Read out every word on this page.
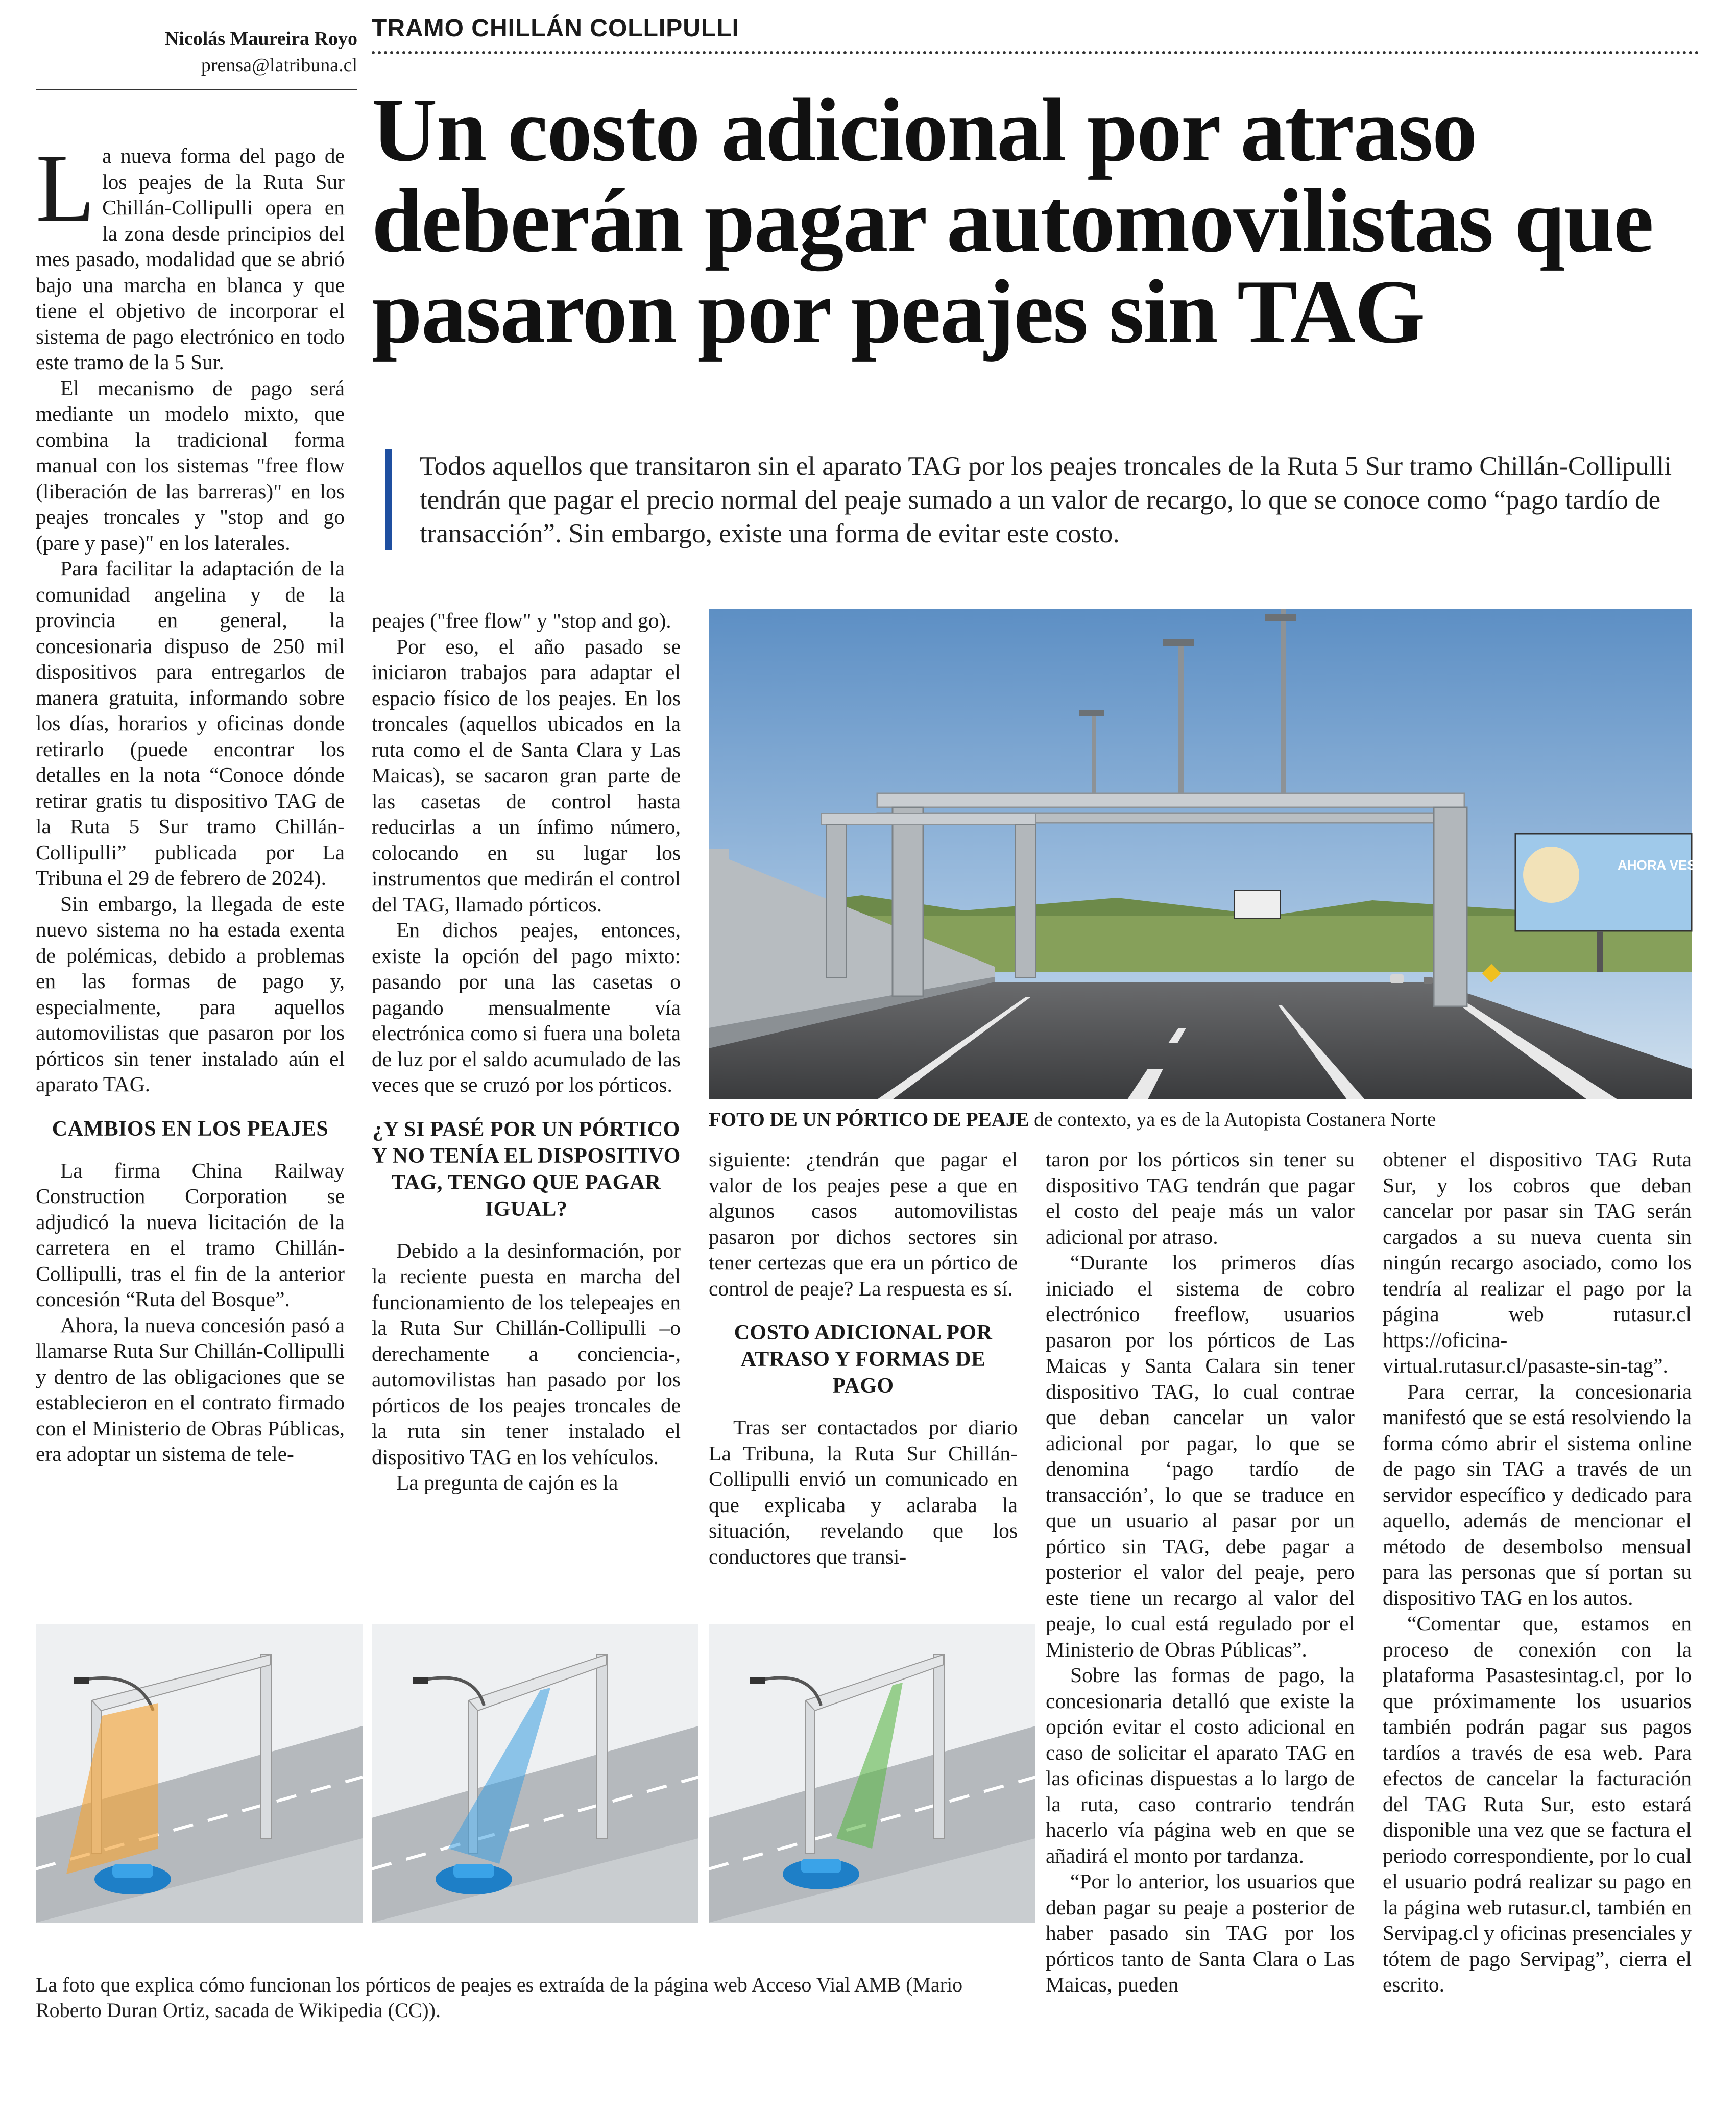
Nicolás Maureira Royo
prensa@latribuna.cl
TRAMO CHILLÁN COLLIPULLI
Un costo adicional por atraso deberán pagar automovilistas que pasaron por peajes sin TAG
Todos aquellos que transitaron sin el aparato TAG por los peajes troncales de la Ruta 5 Sur tramo Chillán-Collipulli tendrán que pagar el precio normal del peaje sumado a un valor de recargo, lo que se conoce como “pago tardío de transacción”. Sin embargo, existe una forma de evitar este costo.

La nueva forma del pago de los peajes de la Ruta Sur Chillán-Collipulli opera en la zona desde principios del mes pasado, modalidad que se abrió bajo una marcha en blanca y que tiene el objetivo de incorporar el sistema de pago electrónico en todo este tramo de la 5 Sur.

El mecanismo de pago será mediante un modelo mixto, que combina la tradicional forma manual con los sistemas "free flow (liberación de las barreras)" en los peajes troncales y "stop and go (pare y pase)" en los laterales.

Para facilitar la adaptación de la comunidad angelina y de la provincia en general, la concesionaria dispuso de 250 mil dispositivos para entregarlos de manera gratuita, informando sobre los días, horarios y oficinas donde retirarlo (puede encontrar los detalles en la nota “Conoce dónde retirar gratis tu dispositivo TAG de la Ruta 5 Sur tramo Chillán-Collipulli” publicada por La Tribuna el 29 de febrero de 2024).

Sin embargo, la llegada de este nuevo sistema no ha estada exenta de polémicas, debido a problemas en las formas de pago y, especialmente, para aquellos automovilistas que pasaron por los pórticos sin tener instalado aún el aparato TAG.

CAMBIOS EN LOS PEAJES

La firma China Railway Construction Corporation se adjudicó la nueva licitación de la carretera en el tramo Chillán-Collipulli, tras el fin de la anterior concesión “Ruta del Bosque”.

Ahora, la nueva concesión pasó a llamarse Ruta Sur Chillán-Collipulli y dentro de las obligaciones que se establecieron en el contrato firmado con el Ministerio de Obras Públicas, era adoptar un sistema de tele-

peajes ("free flow" y "stop and go).

Por eso, el año pasado se iniciaron trabajos para adaptar el espacio físico de los peajes. En los troncales (aquellos ubicados en la ruta como el de Santa Clara y Las Maicas), se sacaron gran parte de las casetas de control hasta reducirlas a un ínfimo número, colocando en su lugar los instrumentos que medirán el control del TAG, llamado pórticos.

En dichos peajes, entonces, existe la opción del pago mixto: pasando por una las casetas o pagando mensualmente vía electrónica como si fuera una boleta de luz por el saldo acumulado de las veces que se cruzó por los pórticos.

¿Y SI PASÉ POR UN PÓRTICO Y NO TENÍA EL DISPOSITIVO TAG, TENGO QUE PAGAR IGUAL?

Debido a la desinformación, por la reciente puesta en marcha del funcionamiento de los telepeajes en la Ruta Sur Chillán-Collipulli –o derechamente a conciencia-, automovilistas han pasado por los pórticos de los peajes troncales de la ruta sin tener instalado el dispositivo TAG en los vehículos.

La pregunta de cajón es la

siguiente: ¿tendrán que pagar el valor de los peajes pese a que en algunos casos automovilistas pasaron por dichos sectores sin tener certezas que era un pórtico de control de peaje? La respuesta es sí.

COSTO ADICIONAL POR ATRASO Y FORMAS DE PAGO

Tras ser contactados por diario La Tribuna, la Ruta Sur Chillán-Collipulli envió un comunicado en que explicaba y aclaraba la situación, revelando que los conductores que transi-

taron por los pórticos sin tener su dispositivo TAG tendrán que pagar el costo del peaje más un valor adicional por atraso.

“Durante los primeros días iniciado el sistema de cobro electrónico freeflow, usuarios pasaron por los pórticos de Las Maicas y Santa Calara sin tener dispositivo TAG, lo cual contrae que deban cancelar un valor adicional por pagar, lo que se denomina ‘pago tardío de transacción’, lo que se traduce en que un usuario al pasar por un pórtico sin TAG, debe pagar a posterior el valor del peaje, pero este tiene un recargo al valor del peaje, lo cual está regulado por el Ministerio de Obras Públicas”.

Sobre las formas de pago, la concesionaria detalló que existe la opción evitar el costo adicional en caso de solicitar el aparato TAG en las oficinas dispuestas a lo largo de la ruta, caso contrario tendrán hacerlo vía página web en que se añadirá el monto por tardanza.

“Por lo anterior, los usuarios que deban pagar su peaje a posterior de haber pasado sin TAG por los pórticos tanto de Santa Clara o Las Maicas, pueden

obtener el dispositivo TAG Ruta Sur, y los cobros que deban cancelar por pasar sin TAG serán cargados a su nueva cuenta sin ningún recargo asociado, como los tendría al realizar el pago por la página web rutasur.cl https://oficina-virtual.rutasur.cl/pasaste-sin-tag”.

Para cerrar, la concesionaria manifestó que se está resolviendo la forma cómo abrir el sistema online de pago sin TAG a través de un servidor específico y dedicado para aquello, además de mencionar el método de desembolso mensual para las personas que sí portan su dispositivo TAG en los autos.

“Comentar que, estamos en proceso de conexión con la plataforma Pasastesintag.cl, por lo que próximamente los usuarios también podrán pagar sus pagos tardíos a través de esa web. Para efectos de cancelar la facturación del TAG Ruta Sur, esto estará disponible una vez que se factura el periodo correspondiente, por lo cual el usuario podrá realizar su pago en la página web rutasur.cl, también en Servipag.cl y oficinas presenciales y tótem de pago Servipag”, cierra el escrito.

AHORA VESTIDO
FOTO DE UN PÓRTICO DE PEAJE de contexto, ya es de la Autopista Costanera Norte
La foto que explica cómo funcionan los pórticos de peajes es extraída de la página web Acceso Vial AMB (Mario Roberto Duran Ortiz, sacada de Wikipedia (CC)).
